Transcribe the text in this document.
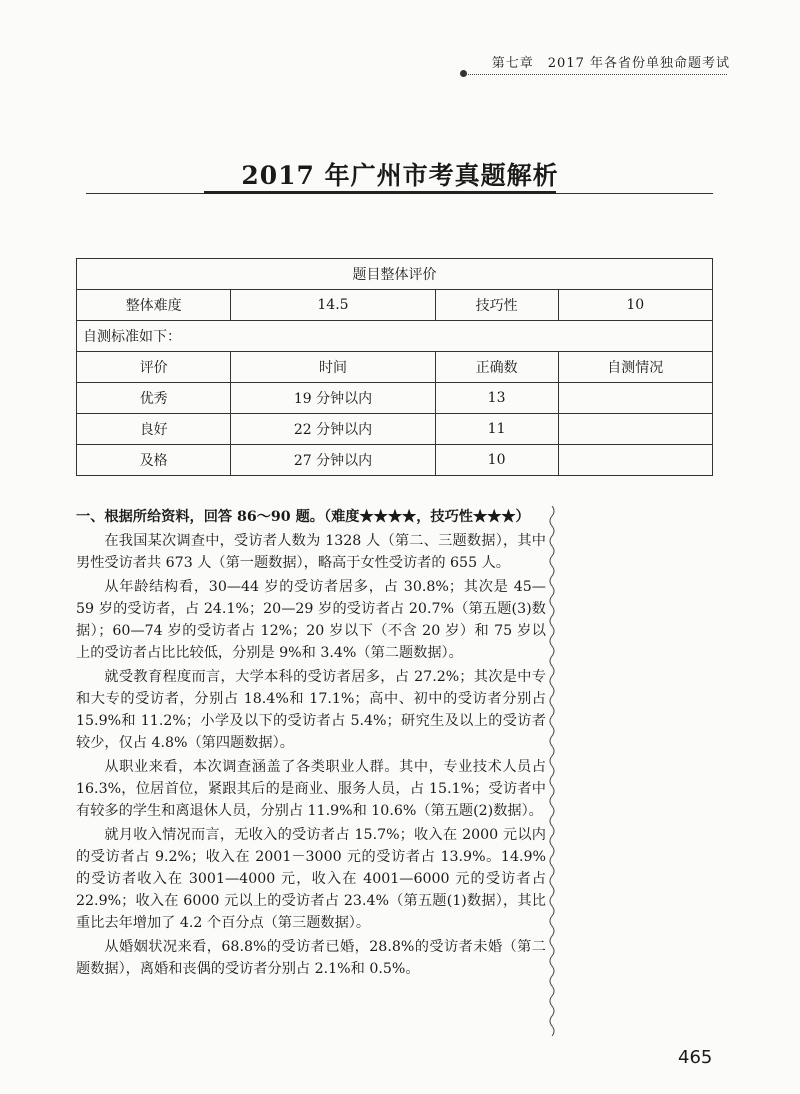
第七章　2017 年各省份单独命题考试
2017 年广州市考真题解析
题目整体评价			
整体难度	14.5	技巧性	10
自测标准如下：			
评价	时间	正确数	自测情况
优秀	19 分钟以内	13	
良好	22 分钟以内	11	
及格	27 分钟以内	10	
一、根据所给资料，回答 86～90 题。（难度★★★★，技巧性★★★）

在我国某次调查中，受访者人数为 1328 人（第二、三题数据），其中男性受访者共 673 人（第一题数据），略高于女性受访者的 655 人。

从年龄结构看，30—44 岁的受访者居多，占 30.8%；其次是 45—59 岁的受访者，占 24.1%；20—29 岁的受访者占 20.7%（第五题(3)数据）；60—74 岁的受访者占 12%；20 岁以下（不含 20 岁）和 75 岁以上的受访者占比比较低，分别是 9%和 3.4%（第二题数据）。

就受教育程度而言，大学本科的受访者居多，占 27.2%；其次是中专和大专的受访者，分别占 18.4%和 17.1%；高中、初中的受访者分别占 15.9%和 11.2%；小学及以下的受访者占 5.4%；研究生及以上的受访者较少，仅占 4.8%（第四题数据）。

从职业来看，本次调查涵盖了各类职业人群。其中，专业技术人员占 16.3%，位居首位，紧跟其后的是商业、服务人员，占 15.1%；受访者中有较多的学生和离退休人员，分别占 11.9%和 10.6%（第五题(2)数据）。

就月收入情况而言，无收入的受访者占 15.7%；收入在 2000 元以内的受访者占 9.2%；收入在 2001－3000 元的受访者占 13.9%。14.9%的受访者收入在 3001—4000 元，收入在 4001—6000 元的受访者占 22.9%；收入在 6000 元以上的受访者占 23.4%（第五题(1)数据），其比重比去年增加了 4.2 个百分点（第三题数据）。

从婚姻状况来看，68.8%的受访者已婚，28.8%的受访者未婚（第二题数据），离婚和丧偶的受访者分别占 2.1%和 0.5%。

465
